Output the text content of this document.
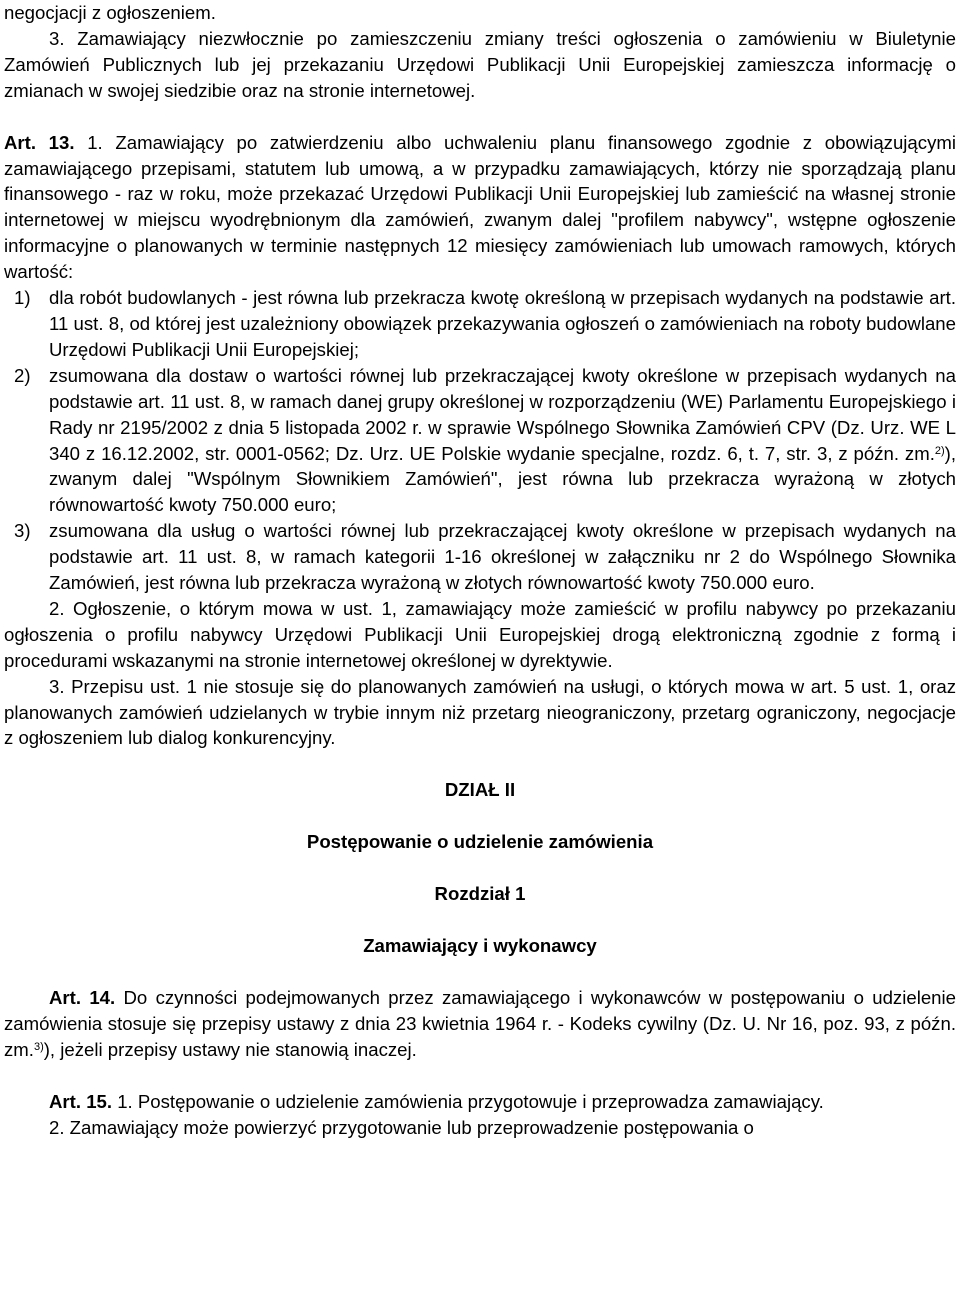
negocjacji z ogłoszeniem.

3. Zamawiający niezwłocznie po zamieszczeniu zmiany treści ogłoszenia o zamówieniu w Biuletynie Zamówień Publicznych lub jej przekazaniu Urzędowi Publikacji Unii Europejskiej zamieszcza informację o zmianach w swojej siedzibie oraz na stronie internetowej.

Art. 13. 1. Zamawiający po zatwierdzeniu albo uchwaleniu planu finansowego zgodnie z obowiązującymi zamawiającego przepisami, statutem lub umową, a w przypadku zamawiających, którzy nie sporządzają planu finansowego - raz w roku, może przekazać Urzędowi Publikacji Unii Europejskiej lub zamieścić na własnej stronie internetowej w miejscu wyodrębnionym dla zamówień, zwanym dalej "profilem nabywcy", wstępne ogłoszenie informacyjne o planowanych w terminie następnych 12 miesięcy zamówieniach lub umowach ramowych, których wartość:

1) dla robót budowlanych - jest równa lub przekracza kwotę określoną w przepisach wydanych na podstawie art. 11 ust. 8, od której jest uzależniony obowiązek przekazywania ogłoszeń o zamówieniach na roboty budowlane Urzędowi Publikacji Unii Europejskiej;
2) zsumowana dla dostaw o wartości równej lub przekraczającej kwoty określone w przepisach wydanych na podstawie art. 11 ust. 8, w ramach danej grupy określonej w rozporządzeniu (WE) Parlamentu Europejskiego i Rady nr 2195/2002 z dnia 5 listopada 2002 r. w sprawie Wspólnego Słownika Zamówień CPV (Dz. Urz. WE L 340 z 16.12.2002, str. 0001-0562; Dz. Urz. UE Polskie wydanie specjalne, rozdz. 6, t. 7, str. 3, z późn. zm.$^{2)}$), zwanym dalej "Wspólnym Słownikiem Zamówień", jest równa lub przekracza wyrażoną w złotych równowartość kwoty 750.000 euro;
3) zsumowana dla usług o wartości równej lub przekraczającej kwoty określone w przepisach wydanych na podstawie art. 11 ust. 8, w ramach kategorii 1-16 określonej w załączniku nr 2 do Wspólnego Słownika Zamówień, jest równa lub przekracza wyrażoną w złotych równowartość kwoty 750.000 euro.

2. Ogłoszenie, o którym mowa w ust. 1, zamawiający może zamieścić w profilu nabywcy po przekazaniu ogłoszenia o profilu nabywcy Urzędowi Publikacji Unii Europejskiej drogą elektroniczną zgodnie z formą i procedurami wskazanymi na stronie internetowej określonej w dyrektywie.

3. Przepisu ust. 1 nie stosuje się do planowanych zamówień na usługi, o których mowa w art. 5 ust. 1, oraz planowanych zamówień udzielanych w trybie innym niż przetarg nieograniczony, przetarg ograniczony, negocjacje z ogłoszeniem lub dialog konkurencyjny.

DZIAŁ II

Postępowanie o udzielenie zamówienia

Rozdział 1

Zamawiający i wykonawcy

Art. 14. Do czynności podejmowanych przez zamawiającego i wykonawców w postępowaniu o udzielenie zamówienia stosuje się przepisy ustawy z dnia 23 kwietnia 1964 r. - Kodeks cywilny (Dz. U. Nr 16, poz. 93, z późn. zm.$^{3)}$), jeżeli przepisy ustawy nie stanowią inaczej.

Art. 15. 1. Postępowanie o udzielenie zamówienia przygotowuje i przeprowadza zamawiający.

2. Zamawiający może powierzyć przygotowanie lub przeprowadzenie postępowania o
